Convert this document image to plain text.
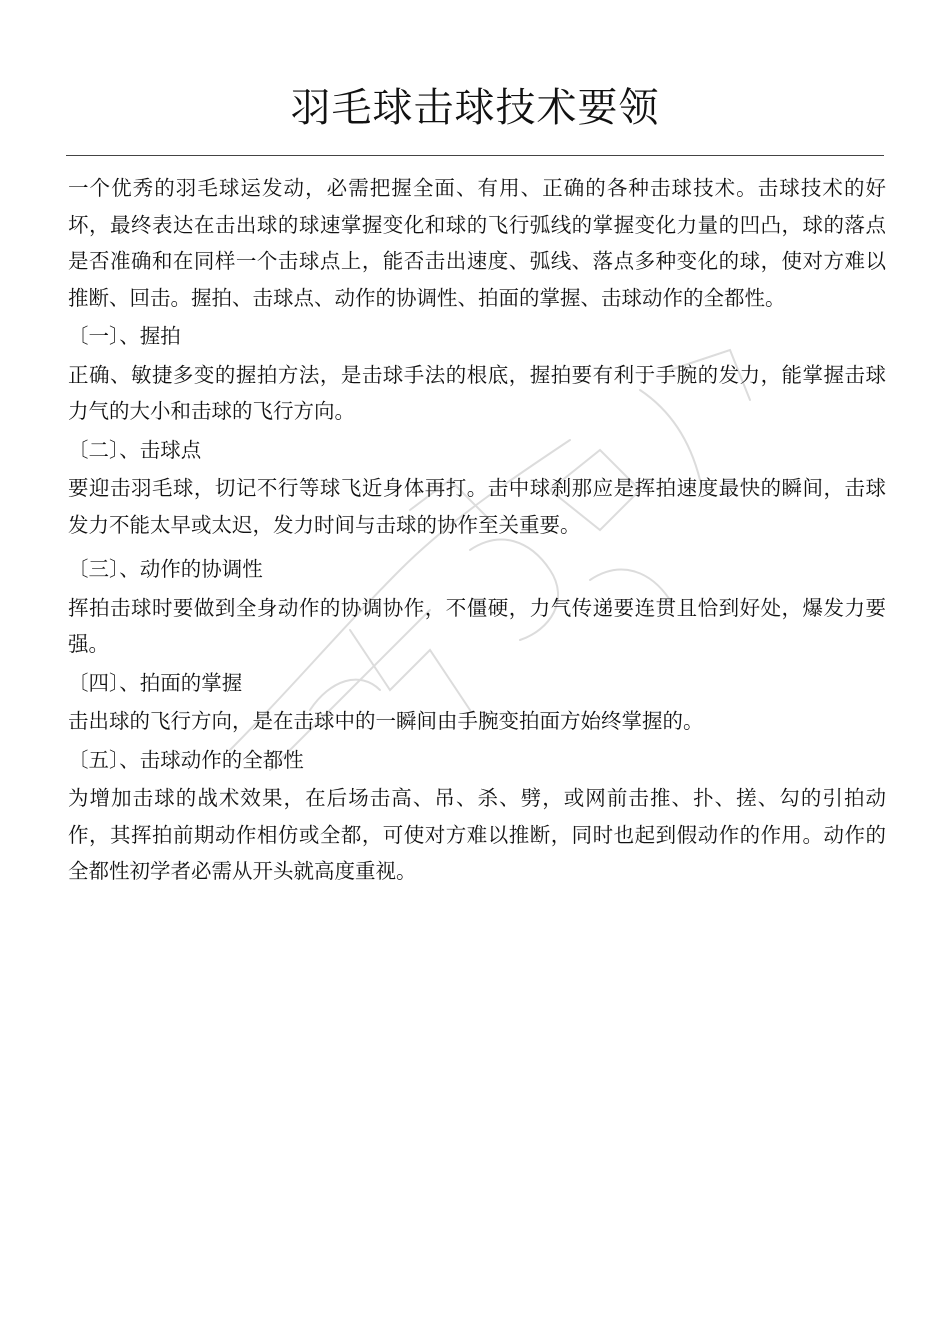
羽毛球击球技术要领

一个优秀的羽毛球运发动，必需把握全面、有用、正确的各种击球技术。击球技术的好坏，最终表达在击出球的球速掌握变化和球的飞行弧线的掌握变化力量的凹凸，球的落点是否准确和在同样一个击球点上，能否击出速度、弧线、落点多种变化的球，使对方难以推断、回击。握拍、击球点、动作的协调性、拍面的掌握、击球动作的全都性。

〔一〕、握拍

正确、敏捷多变的握拍方法，是击球手法的根底，握拍要有利于手腕的发力，能掌握击球力气的大小和击球的飞行方向。

〔二〕、击球点

要迎击羽毛球，切记不行等球飞近身体再打。击中球刹那应是挥拍速度最快的瞬间，击球发力不能太早或太迟，发力时间与击球的协作至关重要。

〔三〕、动作的协调性

挥拍击球时要做到全身动作的协调协作，不僵硬，力气传递要连贯且恰到好处，爆发力要强。

〔四〕、拍面的掌握

击出球的飞行方向，是在击球中的一瞬间由手腕变拍面方始终掌握的。

〔五〕、击球动作的全都性

为增加击球的战术效果，在后场击高、吊、杀、劈，或网前击推、扑、搓、勾的引拍动作，其挥拍前期动作相仿或全都，可使对方难以推断，同时也起到假动作的作用。动作的全都性初学者必需从开头就高度重视。
